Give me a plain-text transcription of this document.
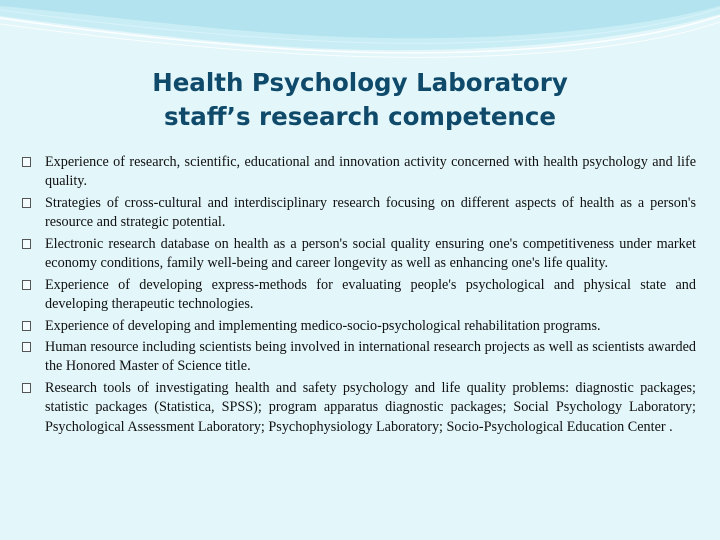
Health Psychology Laboratory
staff’s research competence
Experience of research, scientific, educational and innovation activity concerned with health psychology and life quality.
Strategies of cross-cultural and interdisciplinary research focusing on different aspects of health as a person's resource and strategic potential.
Electronic research database on health as a person's social quality ensuring one's competitiveness under market economy conditions, family well-being and career longevity as well as enhancing one's life quality.
Experience of developing express-methods for evaluating people's psychological and physical state and developing therapeutic technologies.
Experience of developing and implementing medico-socio-psychological rehabilitation programs.
Human resource including scientists being involved in international research projects as well as scientists awarded the Honored Master of Science title.
Research tools of investigating health and safety psychology and life quality problems: diagnostic packages; statistic packages (Statistica, SPSS); program apparatus diagnostic packages; Social Psychology Laboratory; Psychological Assessment Laboratory; Psychophysiology Laboratory; Socio-Psychological Education Center .
